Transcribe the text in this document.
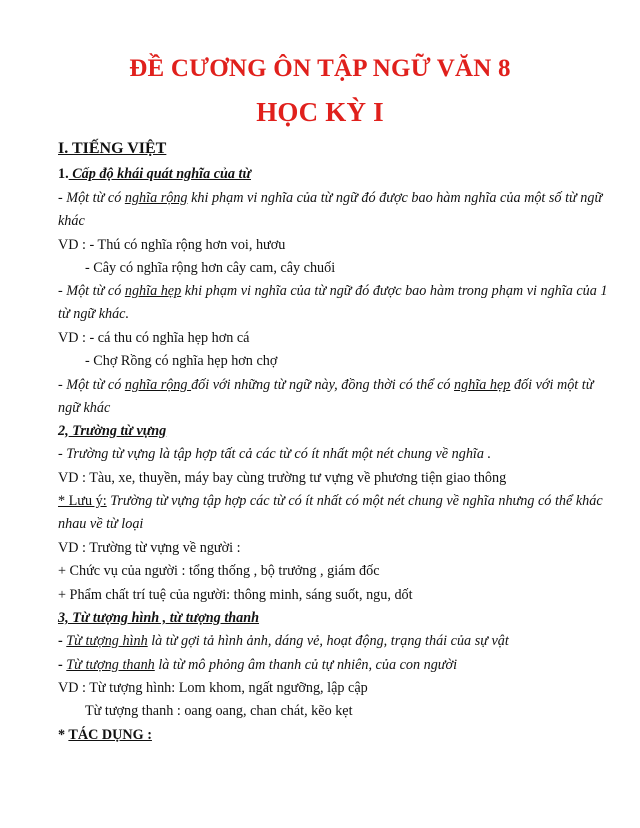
ĐỀ CƯƠNG ÔN TẬP NGỮ VĂN 8
HỌC KỲ I
I. TIẾNG VIỆT
1. Cấp độ khái quát nghĩa của từ
- Một từ có nghĩa rộng khi phạm vi nghĩa của từ ngữ đó được bao hàm nghĩa của một số từ ngữ
khác
VD : - Thú có nghĩa rộng hơn voi, hươu
- Cây có nghĩa rộng hơn cây cam, cây chuối
- Một từ có nghĩa hẹp khi phạm vi nghĩa của từ ngữ đó được bao hàm trong phạm vi nghĩa của 1
từ ngữ khác.
VD : - cá thu có nghĩa hẹp hơn cá
- Chợ Rồng có nghĩa hẹp hơn chợ
- Một từ có nghĩa rộng đối với những từ ngữ này, đồng thời có thể có nghĩa hẹp đối với một từ
ngữ khác
2, Trường từ vựng
- Trường từ vựng là tập hợp tất cả các từ có ít nhất một nét chung về nghĩa .
VD : Tàu, xe, thuyền, máy bay cùng trường tư vựng về phương tiện giao thông
* Lưu ý: Trường từ vựng tập hợp các từ có ít nhất có một nét chung về nghĩa nhưng có thể khác
nhau về từ loại
VD : Trường từ vựng về người :
+ Chức vụ của người : tổng thống , bộ trưởng , giám đốc
+ Phẩm chất trí tuệ của người: thông minh, sáng suốt, ngu, dốt
3, Từ tượng hình , từ tượng thanh
- Từ tượng hình là từ gợi tả hình ảnh, dáng vẻ, hoạt động, trạng thái của sự vật
- Từ tượng thanh là từ mô phỏng âm thanh củ tự nhiên, của con người
VD : Từ tượng hình: Lom khom, ngất ngưỡng, lập cập
Từ tượng thanh : oang oang, chan chát, kẽo kẹt
* TÁC DỤNG :
